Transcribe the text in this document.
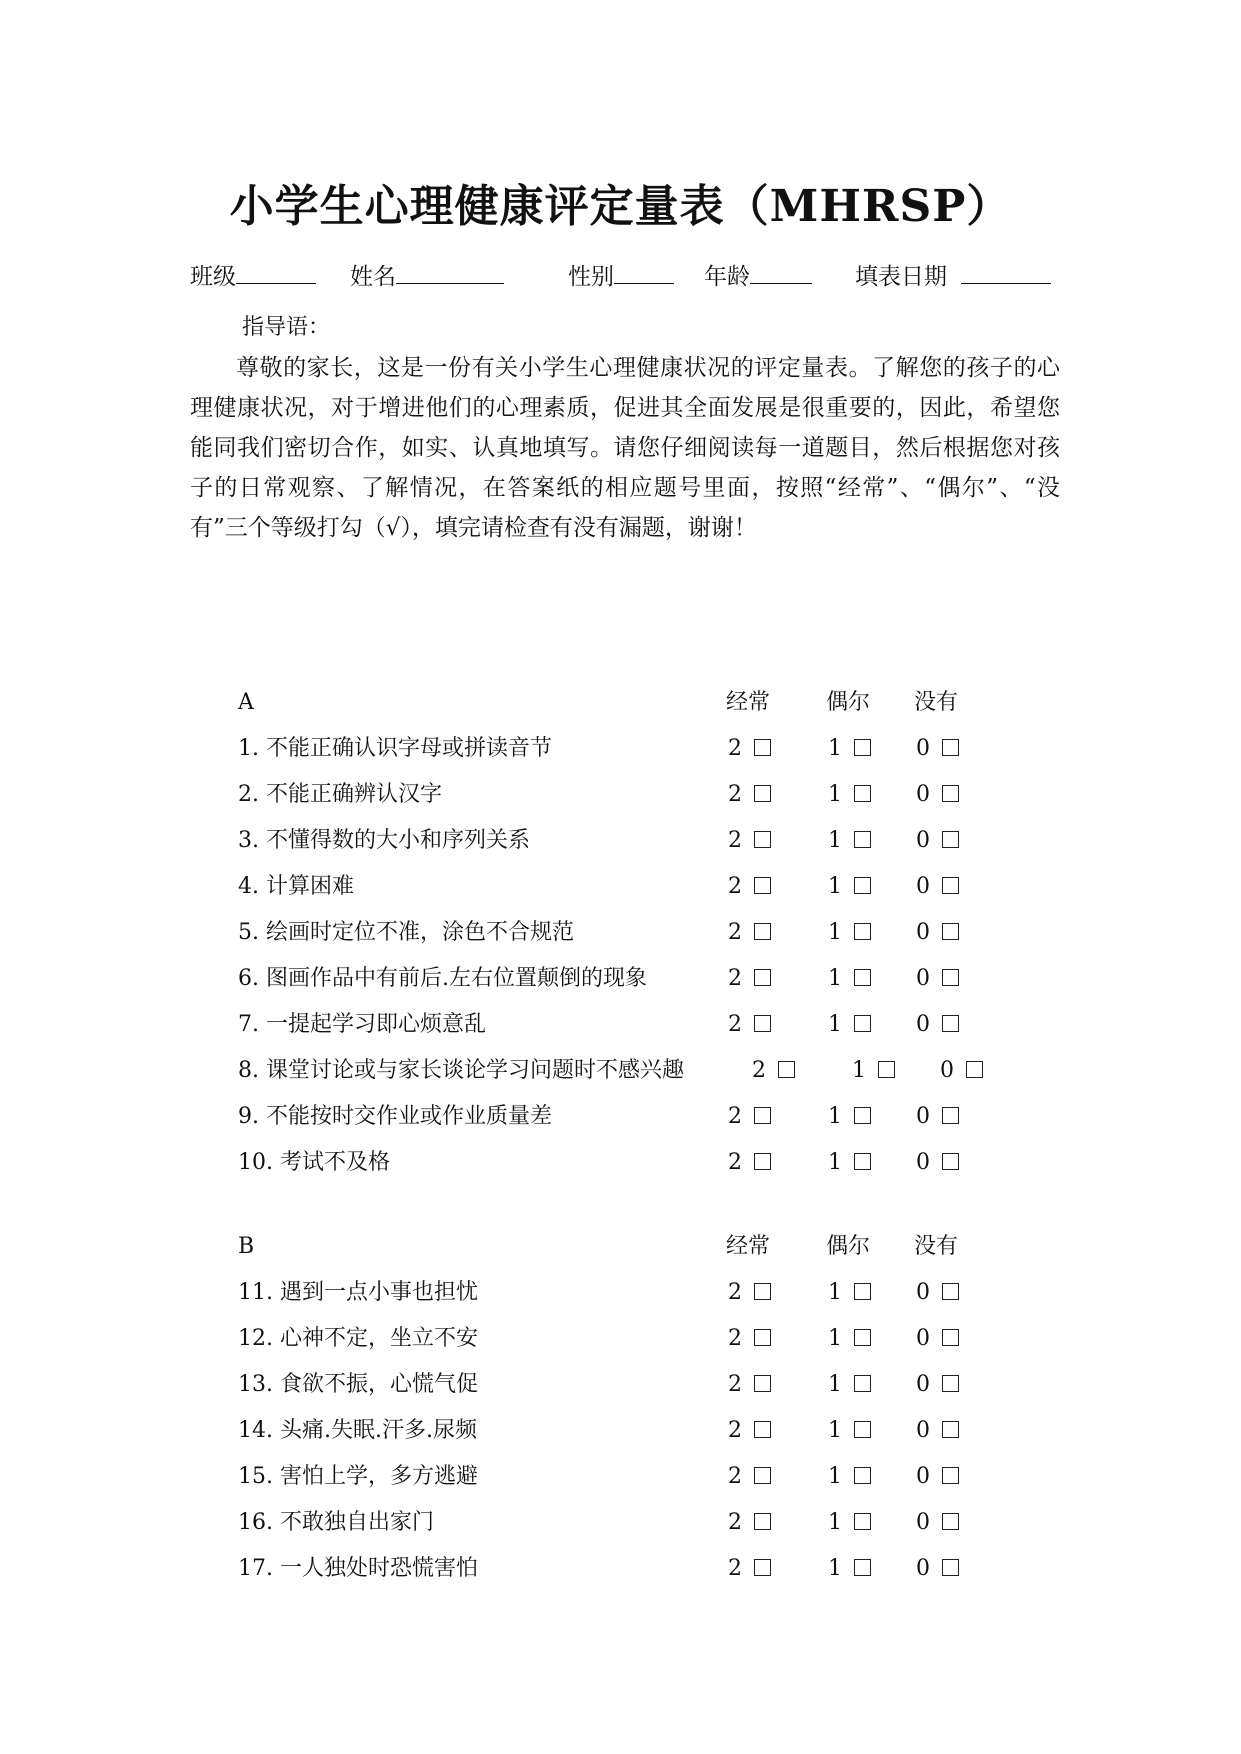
小学生心理健康评定量表（MHRSP）
班级	姓名	性别	年龄	填表日期
指导语：

尊敬的家长，这是一份有关小学生心理健康状况的评定量表。了解您的孩子的心理健康状况，对于增进他们的心理素质，促进其全面发展是很重要的，因此，希望您能同我们密切合作，如实、认真地填写。请您仔细阅读每一道题目，然后根据您对孩子的日常观察、了解情况，在答案纸的相应题号里面，按照“经常”、“偶尔”、“没有”三个等级打勾（√），填完请检查有没有漏题，谢谢！

A	经常	偶尔 没有
1. 不能正确认识字母或拼读音节	2	1	0
2. 不能正确辨认汉字	2	1	0
3. 不懂得数的大小和序列关系	2	1	0
4. 计算困难	2	1	0
5. 绘画时定位不准，涂色不合规范	2	1	0
6. 图画作品中有前后.左右位置颠倒的现象	2	1	0
7. 一提起学习即心烦意乱	2	1	0
8. 课堂讨论或与家长谈论学习问题时不感兴趣	2	1	0
9. 不能按时交作业或作业质量差	2	1	0
10. 考试不及格	2	1	0
B	经常	偶尔 没有
11. 遇到一点小事也担忧	2	1	0
12. 心神不定，坐立不安	2	1	0
13. 食欲不振，心慌气促	2	1	0
14. 头痛.失眠.汗多.尿频	2	1	0
15. 害怕上学，多方逃避	2	1	0
16. 不敢独自出家门	2	1	0
17. 一人独处时恐慌害怕	2	1	0
